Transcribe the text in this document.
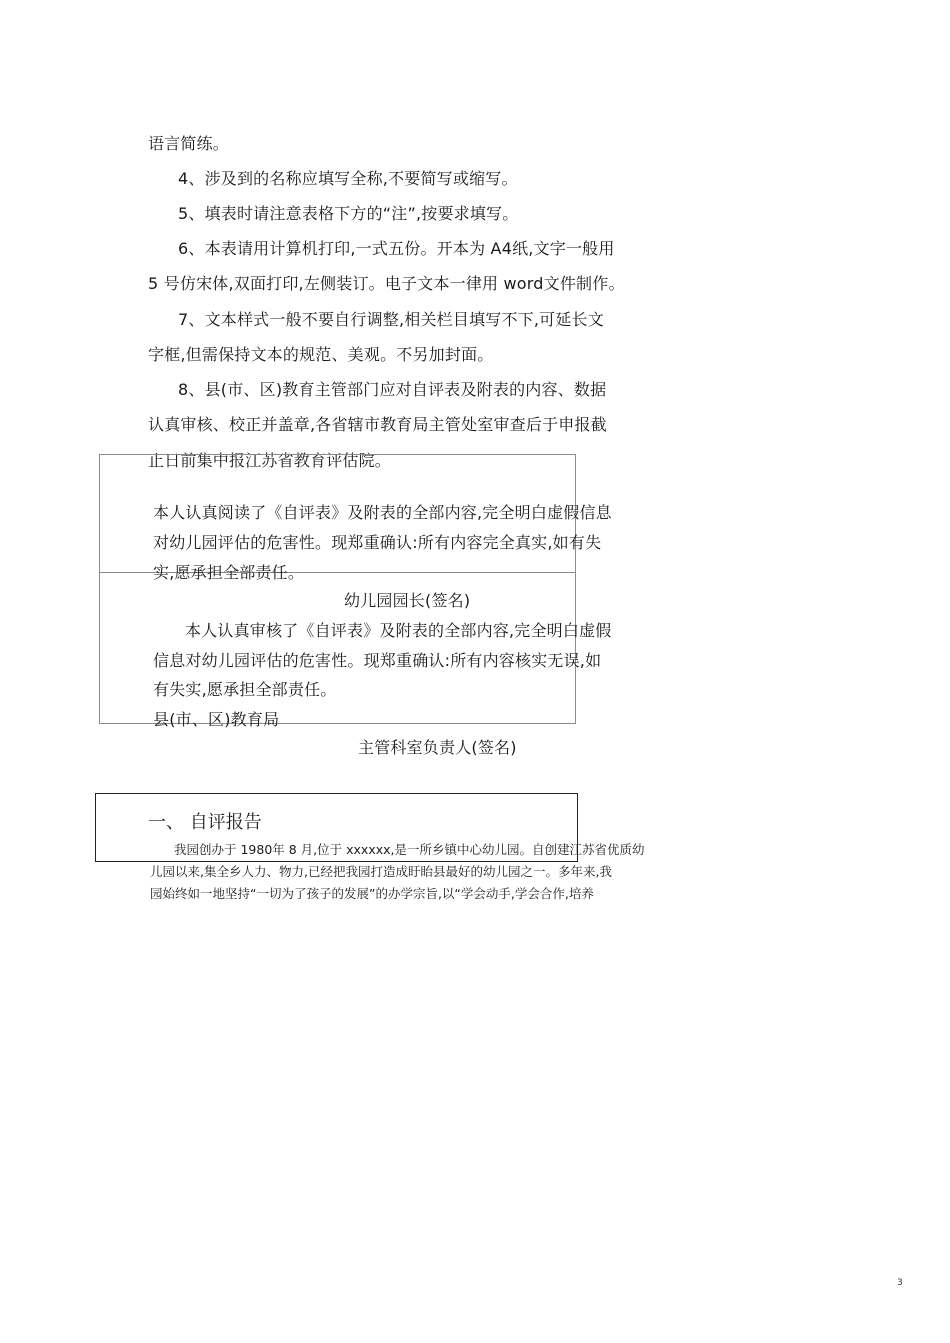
语言简练。
4、涉及到的名称应填写全称,不要简写或缩写。
5、填表时请注意表格下方的“注”,按要求填写。
6、本表请用计算机打印,一式五份。开本为 A4纸,文字一般用
5 号仿宋体,双面打印,左侧装订。电子文本一律用 word文件制作。
7、文本样式一般不要自行调整,相关栏目填写不下,可延长文
字框,但需保持文本的规范、美观。不另加封面。
8、县(市、区)教育主管部门应对自评表及附表的内容、数据
认真审核、校正并盖章,各省辖市教育局主管处室审查后于申报截
止日前集中报江苏省教育评估院。
本人认真阅读了《自评表》及附表的全部内容,完全明白虚假信息
对幼儿园评估的危害性。现郑重确认:所有内容完全真实,如有失
实,愿承担全部责任。
幼儿园园长(签名)
本人认真审核了《自评表》及附表的全部内容,完全明白虚假
信息对幼儿园评估的危害性。现郑重确认:所有内容核实无误,如
有失实,愿承担全部责任。
县(市、区)教育局
主管科室负责人(签名)
一、 自评报告
我园创办于 1980年 8 月,位于 xxxxxx,是一所乡镇中心幼儿园。自创建江苏省优质幼
儿园以来,集全乡人力、物力,已经把我园打造成盱眙县最好的幼儿园之一。多年来,我
园始终如一地坚持“一切为了孩子的发展”的办学宗旨,以“学会动手,学会合作,培养
3
